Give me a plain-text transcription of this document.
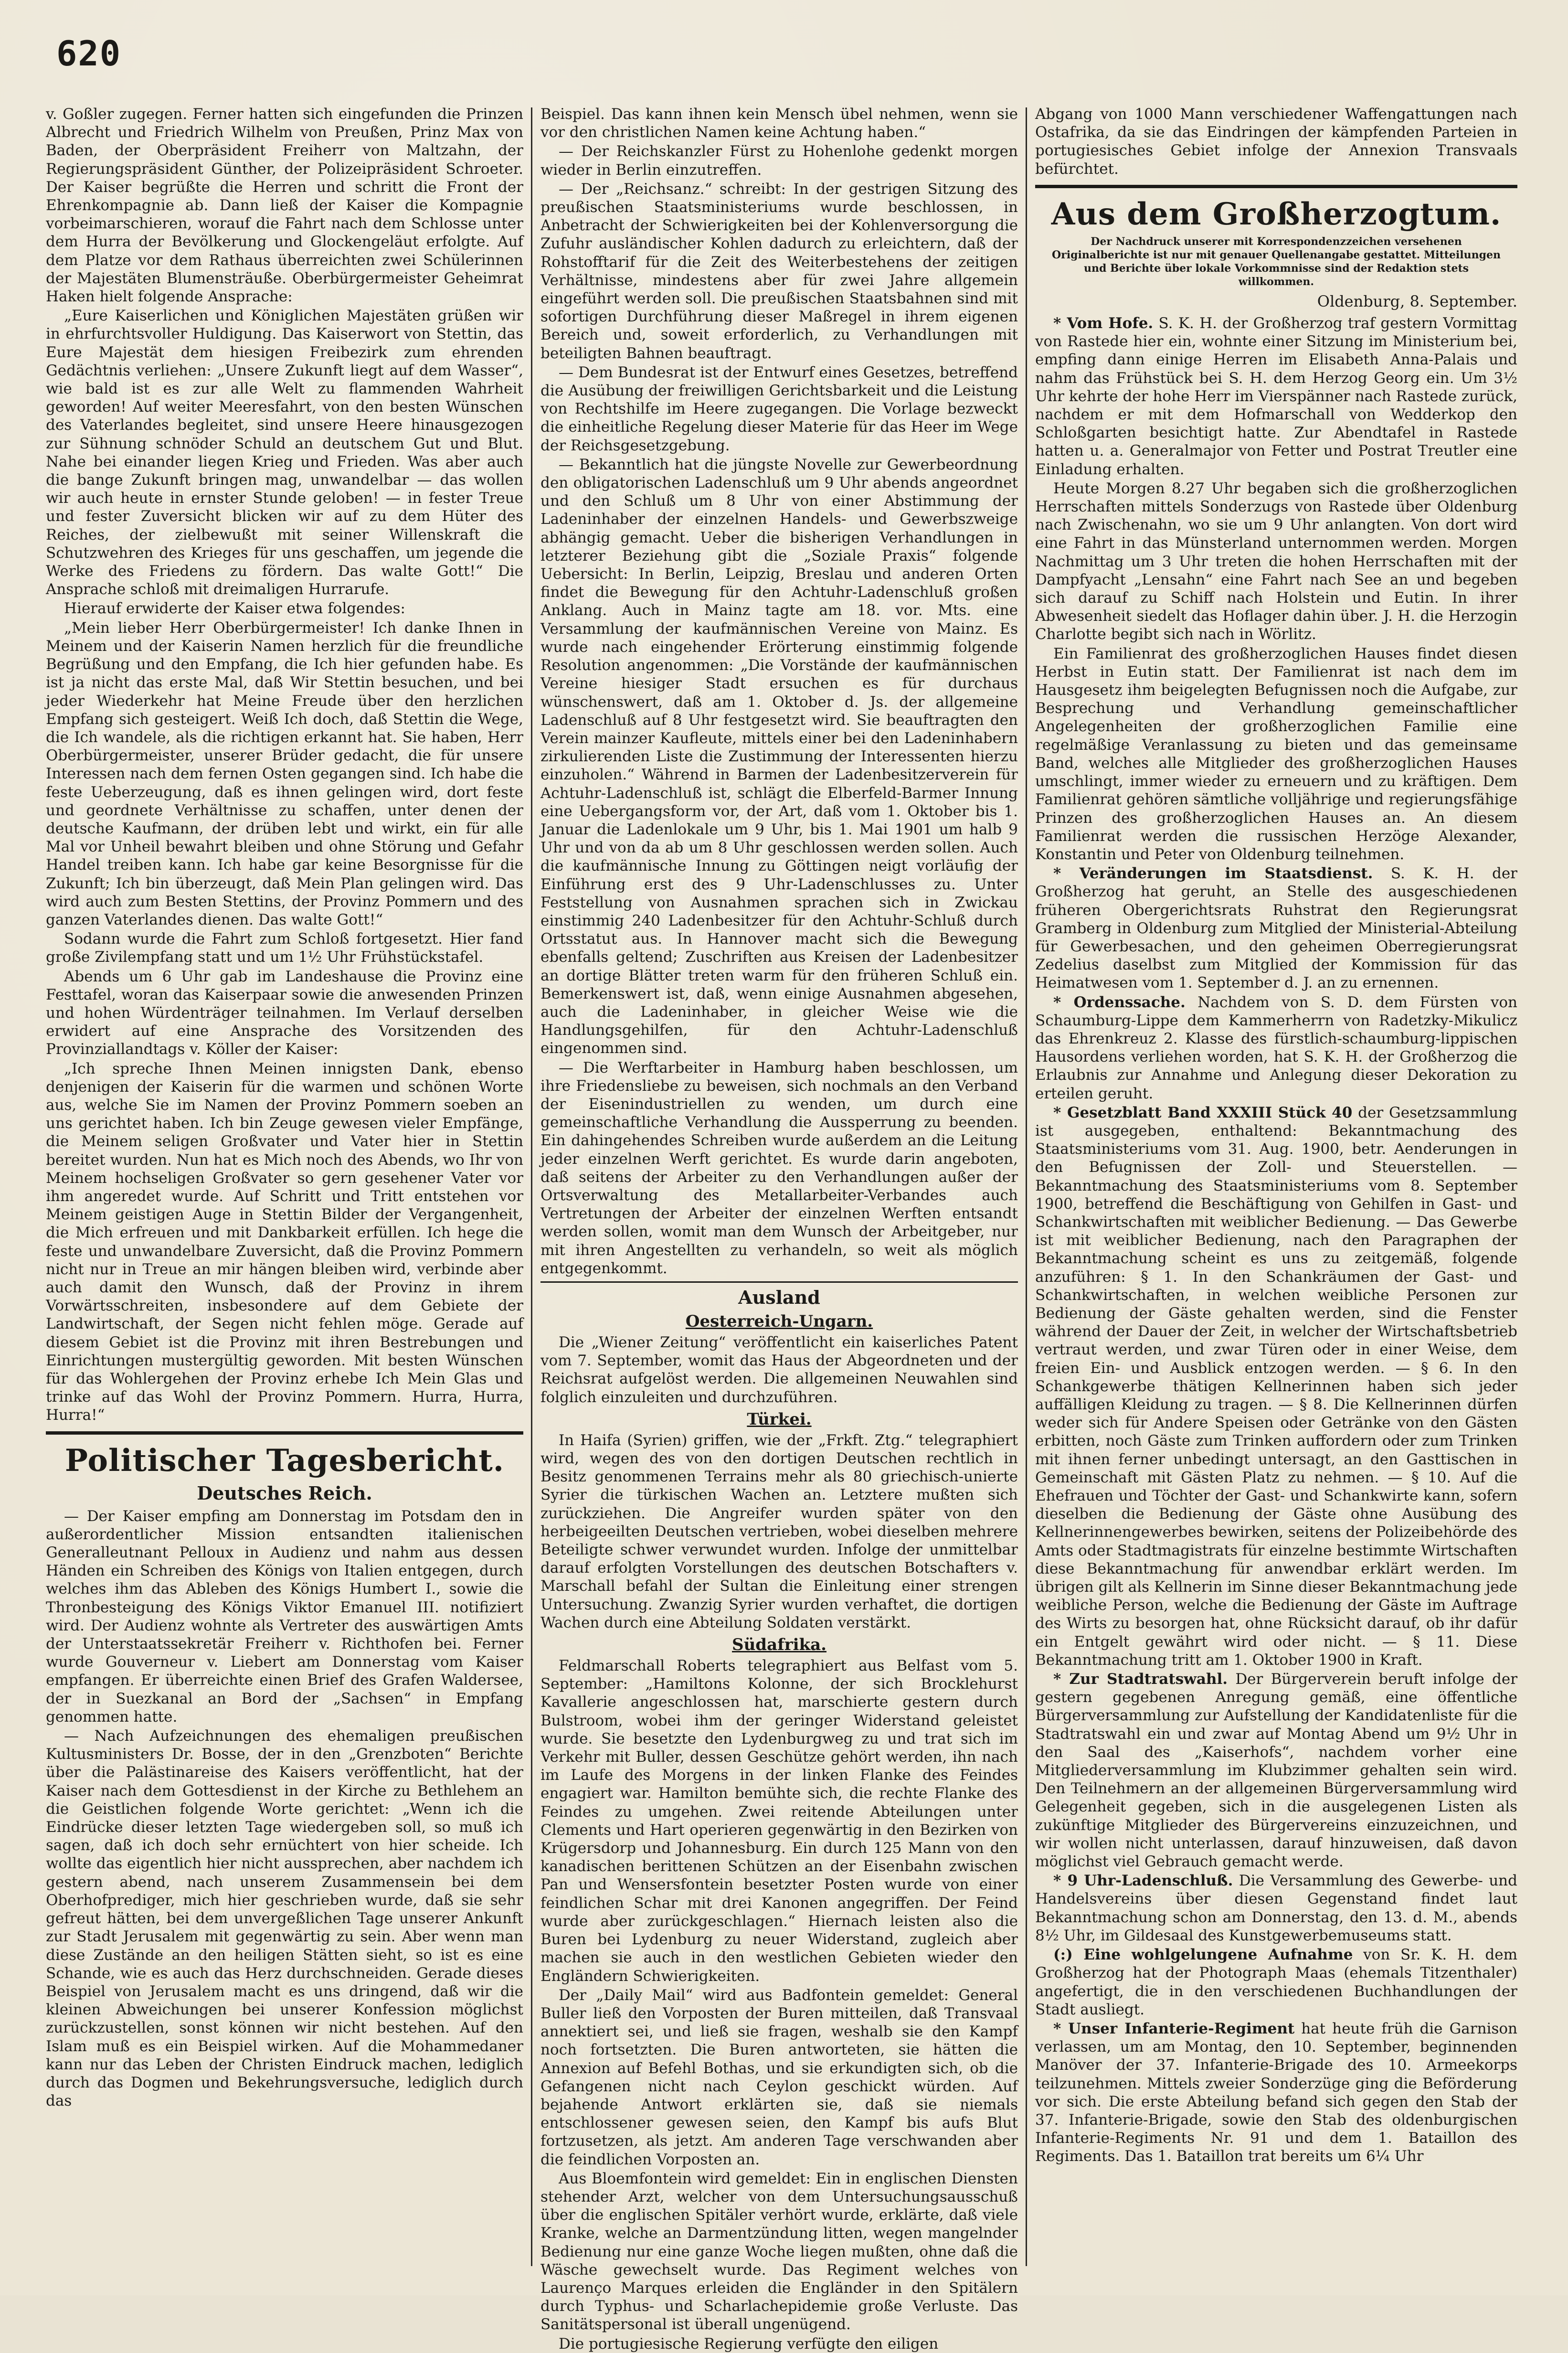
620

v. Goßler zugegen. Ferner hatten sich eingefunden die Prinzen Albrecht und Friedrich Wilhelm von Preußen, Prinz Max von Baden, der Oberpräsident Freiherr von Maltzahn, der Regierungspräsident Günther, der Polizeipräsident Schroeter. Der Kaiser begrüßte die Herren und schritt die Front der Ehrenkompagnie ab. Dann ließ der Kaiser die Kompagnie vorbeimarschieren, worauf die Fahrt nach dem Schlosse unter dem Hurra der Bevölkerung und Glockengeläut erfolgte. Auf dem Platze vor dem Rathaus überreichten zwei Schülerinnen der Majestäten Blumensträuße. Oberbürgermeister Geheimrat Haken hielt folgende Ansprache:

„Eure Kaiserlichen und Königlichen Majestäten grüßen wir in ehrfurchtsvoller Huldigung. Das Kaiserwort von Stettin, das Eure Majestät dem hiesigen Freibezirk zum ehrenden Gedächtnis verliehen: „Unsere Zukunft liegt auf dem Wasser“, wie bald ist es zur alle Welt zu flammenden Wahrheit geworden! Auf weiter Meeresfahrt, von den besten Wünschen des Vaterlandes begleitet, sind unsere Heere hinausgezogen zur Sühnung schnöder Schuld an deutschem Gut und Blut. Nahe bei einander liegen Krieg und Frieden. Was aber auch die bange Zukunft bringen mag, unwandelbar — das wollen wir auch heute in ernster Stunde geloben! — in fester Treue und fester Zuversicht blicken wir auf zu dem Hüter des Reiches, der zielbewußt mit seiner Willenskraft die Schutzwehren des Krieges für uns geschaffen, um jegende die Werke des Friedens zu fördern. Das walte Gott!“ Die Ansprache schloß mit dreimaligen Hurrarufe.

Hierauf erwiderte der Kaiser etwa folgendes:

„Mein lieber Herr Oberbürgermeister! Ich danke Ihnen in Meinem und der Kaiserin Namen herzlich für die freundliche Begrüßung und den Empfang, die Ich hier gefunden habe. Es ist ja nicht das erste Mal, daß Wir Stettin besuchen, und bei jeder Wiederkehr hat Meine Freude über den herzlichen Empfang sich gesteigert. Weiß Ich doch, daß Stettin die Wege, die Ich wandele, als die richtigen erkannt hat. Sie haben, Herr Oberbürgermeister, unserer Brüder gedacht, die für unsere Interessen nach dem fernen Osten gegangen sind. Ich habe die feste Ueberzeugung, daß es ihnen gelingen wird, dort feste und geordnete Verhältnisse zu schaffen, unter denen der deutsche Kaufmann, der drüben lebt und wirkt, ein für alle Mal vor Unheil bewahrt bleiben und ohne Störung und Gefahr Handel treiben kann. Ich habe gar keine Besorgnisse für die Zukunft; Ich bin überzeugt, daß Mein Plan gelingen wird. Das wird auch zum Besten Stettins, der Provinz Pommern und des ganzen Vaterlandes dienen. Das walte Gott!“

Sodann wurde die Fahrt zum Schloß fortgesetzt. Hier fand große Zivilempfang statt und um 1½ Uhr Frühstückstafel.

Abends um 6 Uhr gab im Landeshause die Provinz eine Festtafel, woran das Kaiserpaar sowie die anwesenden Prinzen und hohen Würdenträger teilnahmen. Im Verlauf derselben erwidert auf eine Ansprache des Vorsitzenden des Provinziallandtags v. Köller der Kaiser:

„Ich spreche Ihnen Meinen innigsten Dank, ebenso denjenigen der Kaiserin für die warmen und schönen Worte aus, welche Sie im Namen der Provinz Pommern soeben an uns gerichtet haben. Ich bin Zeuge gewesen vieler Empfänge, die Meinem seligen Großvater und Vater hier in Stettin bereitet wurden. Nun hat es Mich noch des Abends, wo Ihr von Meinem hochseligen Großvater so gern gesehener Vater vor ihm angeredet wurde. Auf Schritt und Tritt entstehen vor Meinem geistigen Auge in Stettin Bilder der Vergangenheit, die Mich erfreuen und mit Dankbarkeit erfüllen. Ich hege die feste und unwandelbare Zuversicht, daß die Provinz Pommern nicht nur in Treue an mir hängen bleiben wird, verbinde aber auch damit den Wunsch, daß der Provinz in ihrem Vorwärtsschreiten, insbesondere auf dem Gebiete der Landwirtschaft, der Segen nicht fehlen möge. Gerade auf diesem Gebiet ist die Provinz mit ihren Bestrebungen und Einrichtungen mustergültig geworden. Mit besten Wünschen für das Wohlergehen der Provinz erhebe Ich Mein Glas und trinke auf das Wohl der Provinz Pommern. Hurra, Hurra, Hurra!“

Politischer Tagesbericht.
Deutsches Reich.

— Der Kaiser empfing am Donnerstag im Potsdam den in außerordentlicher Mission entsandten italienischen Generalleutnant Pelloux in Audienz und nahm aus dessen Händen ein Schreiben des Königs von Italien entgegen, durch welches ihm das Ableben des Königs Humbert I., sowie die Thronbesteigung des Königs Viktor Emanuel III. notifiziert wird. Der Audienz wohnte als Vertreter des auswärtigen Amts der Unterstaatssekretär Freiherr v. Richthofen bei. Ferner wurde Gouverneur v. Liebert am Donnerstag vom Kaiser empfangen. Er überreichte einen Brief des Grafen Waldersee, der in Suezkanal an Bord der „Sachsen“ in Empfang genommen hatte.

— Nach Aufzeichnungen des ehemaligen preußischen Kultusministers Dr. Bosse, der in den „Grenzboten“ Berichte über die Palästinareise des Kaisers veröffentlicht, hat der Kaiser nach dem Gottesdienst in der Kirche zu Bethlehem an die Geistlichen folgende Worte gerichtet: „Wenn ich die Eindrücke dieser letzten Tage wiedergeben soll, so muß ich sagen, daß ich doch sehr ernüchtert von hier scheide. Ich wollte das eigentlich hier nicht aussprechen, aber nachdem ich gestern abend, nach unserem Zusammensein bei dem Oberhofprediger, mich hier geschrieben wurde, daß sie sehr gefreut hätten, bei dem unvergeßlichen Tage unserer Ankunft zur Stadt Jerusalem mit gegenwärtig zu sein. Aber wenn man diese Zustände an den heiligen Stätten sieht, so ist es eine Schande, wie es auch das Herz durchschneiden. Gerade dieses Beispiel von Jerusalem macht es uns dringend, daß wir die kleinen Abweichungen bei unserer Konfession möglichst zurückzustellen, sonst können wir nicht bestehen. Auf den Islam muß es ein Beispiel wirken. Auf die Mohammedaner kann nur das Leben der Christen Eindruck machen, lediglich durch das Dogmen und Bekehrungsversuche, lediglich durch das

Beispiel. Das kann ihnen kein Mensch übel nehmen, wenn sie vor den christlichen Namen keine Achtung haben.“

— Der Reichskanzler Fürst zu Hohenlohe gedenkt morgen wieder in Berlin einzutreffen.

— Der „Reichsanz.“ schreibt: In der gestrigen Sitzung des preußischen Staatsministeriums wurde beschlossen, in Anbetracht der Schwierigkeiten bei der Kohlenversorgung die Zufuhr ausländischer Kohlen dadurch zu erleichtern, daß der Rohstofftarif für die Zeit des Weiterbestehens der zeitigen Verhältnisse, mindestens aber für zwei Jahre allgemein eingeführt werden soll. Die preußischen Staatsbahnen sind mit sofortigen Durchführung dieser Maßregel in ihrem eigenen Bereich und, soweit erforderlich, zu Verhandlungen mit beteiligten Bahnen beauftragt.

— Dem Bundesrat ist der Entwurf eines Gesetzes, betreffend die Ausübung der freiwilligen Gerichtsbarkeit und die Leistung von Rechtshilfe im Heere zugegangen. Die Vorlage bezweckt die einheitliche Regelung dieser Materie für das Heer im Wege der Reichsgesetzgebung.

— Bekanntlich hat die jüngste Novelle zur Gewerbeordnung den obligatorischen Ladenschluß um 9 Uhr abends angeordnet und den Schluß um 8 Uhr von einer Abstimmung der Ladeninhaber der einzelnen Handels- und Gewerbszweige abhängig gemacht. Ueber die bisherigen Verhandlungen in letzterer Beziehung gibt die „Soziale Praxis“ folgende Uebersicht: In Berlin, Leipzig, Breslau und anderen Orten findet die Bewegung für den Achtuhr-Ladenschluß großen Anklang. Auch in Mainz tagte am 18. vor. Mts. eine Versammlung der kaufmännischen Vereine von Mainz. Es wurde nach eingehender Erörterung einstimmig folgende Resolution angenommen: „Die Vorstände der kaufmännischen Vereine hiesiger Stadt ersuchen es für durchaus wünschenswert, daß am 1. Oktober d. Js. der allgemeine Ladenschluß auf 8 Uhr festgesetzt wird. Sie beauftragten den Verein mainzer Kaufleute, mittels einer bei den Ladeninhabern zirkulierenden Liste die Zustimmung der Interessenten hierzu einzuholen.“ Während in Barmen der Ladenbesitzerverein für Achtuhr-Ladenschluß ist, schlägt die Elberfeld-Barmer Innung eine Uebergangsform vor, der Art, daß vom 1. Oktober bis 1. Januar die Ladenlokale um 9 Uhr, bis 1. Mai 1901 um halb 9 Uhr und von da ab um 8 Uhr geschlossen werden sollen. Auch die kaufmännische Innung zu Göttingen neigt vorläufig der Einführung erst des 9 Uhr-Ladenschlusses zu. Unter Feststellung von Ausnahmen sprachen sich in Zwickau einstimmig 240 Ladenbesitzer für den Achtuhr-Schluß durch Ortsstatut aus. In Hannover macht sich die Bewegung ebenfalls geltend; Zuschriften aus Kreisen der Ladenbesitzer an dortige Blätter treten warm für den früheren Schluß ein. Bemerkenswert ist, daß, wenn einige Ausnahmen abgesehen, auch die Ladeninhaber, in gleicher Weise wie die Handlungsgehilfen, für den Achtuhr-Ladenschluß eingenommen sind.

— Die Werftarbeiter in Hamburg haben beschlossen, um ihre Friedensliebe zu beweisen, sich nochmals an den Verband der Eisenindustriellen zu wenden, um durch eine gemeinschaftliche Verhandlung die Aussperrung zu beenden. Ein dahingehendes Schreiben wurde außerdem an die Leitung jeder einzelnen Werft gerichtet. Es wurde darin angeboten, daß seitens der Arbeiter zu den Verhandlungen außer der Ortsverwaltung des Metallarbeiter-Verbandes auch Vertretungen der Arbeiter der einzelnen Werften entsandt werden sollen, womit man dem Wunsch der Arbeitgeber, nur mit ihren Angestellten zu verhandeln, so weit als möglich entgegenkommt.

Ausland
Oesterreich-Ungarn.

Die „Wiener Zeitung“ veröffentlicht ein kaiserliches Patent vom 7. September, womit das Haus der Abgeordneten und der Reichsrat aufgelöst werden. Die allgemeinen Neuwahlen sind folglich einzuleiten und durchzuführen.

Türkei.

In Haifa (Syrien) griffen, wie der „Frkft. Ztg.“ telegraphiert wird, wegen des von den dortigen Deutschen rechtlich in Besitz genommenen Terrains mehr als 80 griechisch-unierte Syrier die türkischen Wachen an. Letztere mußten sich zurückziehen. Die Angreifer wurden später von den herbeigeeilten Deutschen vertrieben, wobei dieselben mehrere Beteiligte schwer verwundet wurden. Infolge der unmittelbar darauf erfolgten Vorstellungen des deutschen Botschafters v. Marschall befahl der Sultan die Einleitung einer strengen Untersuchung. Zwanzig Syrier wurden verhaftet, die dortigen Wachen durch eine Abteilung Soldaten verstärkt.

Südafrika.

Feldmarschall Roberts telegraphiert aus Belfast vom 5. September: „Hamiltons Kolonne, der sich Brocklehurst Kavallerie angeschlossen hat, marschierte gestern durch Bulstroom, wobei ihm der geringer Widerstand geleistet wurde. Sie besetzte den Lydenburgweg zu und trat sich im Verkehr mit Buller, dessen Geschütze gehört werden, ihn nach im Laufe des Morgens in der linken Flanke des Feindes engagiert war. Hamilton bemühte sich, die rechte Flanke des Feindes zu umgehen. Zwei reitende Abteilungen unter Clements und Hart operieren gegenwärtig in den Bezirken von Krügersdorp und Johannesburg. Ein durch 125 Mann von den kanadischen berittenen Schützen an der Eisenbahn zwischen Pan und Wensersfontein besetzter Posten wurde von einer feindlichen Schar mit drei Kanonen angegriffen. Der Feind wurde aber zurückgeschlagen.“ Hiernach leisten also die Buren bei Lydenburg zu neuer Widerstand, zugleich aber machen sie auch in den westlichen Gebieten wieder den Engländern Schwierigkeiten.

Der „Daily Mail“ wird aus Badfontein gemeldet: General Buller ließ den Vorposten der Buren mitteilen, daß Transvaal annektiert sei, und ließ sie fragen, weshalb sie den Kampf noch fortsetzten. Die Buren antworteten, sie hätten die Annexion auf Befehl Bothas, und sie erkundigten sich, ob die Gefangenen nicht nach Ceylon geschickt würden. Auf bejahende Antwort erklärten sie, daß sie niemals entschlossener gewesen seien, den Kampf bis aufs Blut fortzusetzen, als jetzt. Am anderen Tage verschwanden aber die feindlichen Vorposten an.

Aus Bloemfontein wird gemeldet: Ein in englischen Diensten stehender Arzt, welcher von dem Untersuchungsausschuß über die englischen Spitäler verhört wurde, erklärte, daß viele Kranke, welche an Darmentzündung litten, wegen mangelnder Bedienung nur eine ganze Woche liegen mußten, ohne daß die Wäsche gewechselt wurde. Das Regiment welches von Laurenço Marques erleiden die Engländer in den Spitälern durch Typhus- und Scharlachepidemie große Verluste. Das Sanitätspersonal ist überall ungenügend.

Die portugiesische Regierung verfügte den eiligen

Abgang von 1000 Mann verschiedener Waffengattungen nach Ostafrika, da sie das Eindringen der kämpfenden Parteien in portugiesisches Gebiet infolge der Annexion Transvaals befürchtet.

Aus dem Großherzogtum.
Der Nachdruck unserer mit Korrespondenzzeichen versehenen Originalberichte ist nur mit genauer Quellenangabe gestattet. Mitteilungen und Berichte über lokale Vorkommnisse sind der Redaktion stets willkommen.
Oldenburg, 8. September.

* Vom Hofe. S. K. H. der Großherzog traf gestern Vormittag von Rastede hier ein, wohnte einer Sitzung im Ministerium bei, empfing dann einige Herren im Elisabeth Anna-Palais und nahm das Frühstück bei S. H. dem Herzog Georg ein. Um 3½ Uhr kehrte der hohe Herr im Vierspänner nach Rastede zurück, nachdem er mit dem Hofmarschall von Wedderkop den Schloßgarten besichtigt hatte. Zur Abendtafel in Rastede hatten u. a. Generalmajor von Fetter und Postrat Treutler eine Einladung erhalten.

Heute Morgen 8.27 Uhr begaben sich die großherzoglichen Herrschaften mittels Sonderzugs von Rastede über Oldenburg nach Zwischenahn, wo sie um 9 Uhr anlangten. Von dort wird eine Fahrt in das Münsterland unternommen werden. Morgen Nachmittag um 3 Uhr treten die hohen Herrschaften mit der Dampfyacht „Lensahn“ eine Fahrt nach See an und begeben sich darauf zu Schiff nach Holstein und Eutin. In ihrer Abwesenheit siedelt das Hoflager dahin über. J. H. die Herzogin Charlotte begibt sich nach in Wörlitz.

Ein Familienrat des großherzoglichen Hauses findet diesen Herbst in Eutin statt. Der Familienrat ist nach dem im Hausgesetz ihm beigelegten Befugnissen noch die Aufgabe, zur Besprechung und Verhandlung gemeinschaftlicher Angelegenheiten der großherzoglichen Familie eine regelmäßige Veranlassung zu bieten und das gemeinsame Band, welches alle Mitglieder des großherzoglichen Hauses umschlingt, immer wieder zu erneuern und zu kräftigen. Dem Familienrat gehören sämtliche volljährige und regierungsfähige Prinzen des großherzoglichen Hauses an. An diesem Familienrat werden die russischen Herzöge Alexander, Konstantin und Peter von Oldenburg teilnehmen.

* Veränderungen im Staatsdienst. S. K. H. der Großherzog hat geruht, an Stelle des ausgeschiedenen früheren Obergerichtsrats Ruhstrat den Regierungsrat Gramberg in Oldenburg zum Mitglied der Ministerial-Abteilung für Gewerbesachen, und den geheimen Oberregierungsrat Zedelius daselbst zum Mitglied der Kommission für das Heimatwesen vom 1. September d. J. an zu ernennen.

* Ordenssache. Nachdem von S. D. dem Fürsten von Schaumburg-Lippe dem Kammerherrn von Radetzky-Mikulicz das Ehrenkreuz 2. Klasse des fürstlich-schaumburg-lippischen Hausordens verliehen worden, hat S. K. H. der Großherzog die Erlaubnis zur Annahme und Anlegung dieser Dekoration zu erteilen geruht.

* Gesetzblatt Band XXXIII Stück 40 der Gesetzsammlung ist ausgegeben, enthaltend: Bekanntmachung des Staatsministeriums vom 31. Aug. 1900, betr. Aenderungen in den Befugnissen der Zoll- und Steuerstellen. — Bekanntmachung des Staatsministeriums vom 8. September 1900, betreffend die Beschäftigung von Gehilfen in Gast- und Schankwirtschaften mit weiblicher Bedienung. — Das Gewerbe ist mit weiblicher Bedienung, nach den Paragraphen der Bekanntmachung scheint es uns zu zeitgemäß, folgende anzuführen: § 1. In den Schankräumen der Gast- und Schankwirtschaften, in welchen weibliche Personen zur Bedienung der Gäste gehalten werden, sind die Fenster während der Dauer der Zeit, in welcher der Wirtschaftsbetrieb vertraut werden, und zwar Türen oder in einer Weise, dem freien Ein- und Ausblick entzogen werden. — § 6. In den Schankgewerbe thätigen Kellnerinnen haben sich jeder auffälligen Kleidung zu tragen. — § 8. Die Kellnerinnen dürfen weder sich für Andere Speisen oder Getränke von den Gästen erbitten, noch Gäste zum Trinken auffordern oder zum Trinken mit ihnen ferner unbedingt untersagt, an den Gasttischen in Gemeinschaft mit Gästen Platz zu nehmen. — § 10. Auf die Ehefrauen und Töchter der Gast- und Schankwirte kann, sofern dieselben die Bedienung der Gäste ohne Ausübung des Kellnerinnengewerbes bewirken, seitens der Polizeibehörde des Amts oder Stadtmagistrats für einzelne bestimmte Wirtschaften diese Bekanntmachung für anwendbar erklärt werden. Im übrigen gilt als Kellnerin im Sinne dieser Bekanntmachung jede weibliche Person, welche die Bedienung der Gäste im Auftrage des Wirts zu besorgen hat, ohne Rücksicht darauf, ob ihr dafür ein Entgelt gewährt wird oder nicht. — § 11. Diese Bekanntmachung tritt am 1. Oktober 1900 in Kraft.

* Zur Stadtratswahl. Der Bürgerverein beruft infolge der gestern gegebenen Anregung gemäß, eine öffentliche Bürgerversammlung zur Aufstellung der Kandidatenliste für die Stadtratswahl ein und zwar auf Montag Abend um 9½ Uhr in den Saal des „Kaiserhofs“, nachdem vorher eine Mitgliederversammlung im Klubzimmer gehalten sein wird. Den Teilnehmern an der allgemeinen Bürgerversammlung wird Gelegenheit gegeben, sich in die ausgelegenen Listen als zukünftige Mitglieder des Bürgervereins einzuzeichnen, und wir wollen nicht unterlassen, darauf hinzuweisen, daß davon möglichst viel Gebrauch gemacht werde.

* 9 Uhr-Ladenschluß. Die Versammlung des Gewerbe- und Handelsvereins über diesen Gegenstand findet laut Bekanntmachung schon am Donnerstag, den 13. d. M., abends 8½ Uhr, im Gildesaal des Kunstgewerbemuseums statt.

(:) Eine wohlgelungene Aufnahme von Sr. K. H. dem Großherzog hat der Photograph Maas (ehemals Titzenthaler) angefertigt, die in den verschiedenen Buchhandlungen der Stadt ausliegt.

* Unser Infanterie-Regiment hat heute früh die Garnison verlassen, um am Montag, den 10. September, beginnenden Manöver der 37. Infanterie-Brigade des 10. Armeekorps teilzunehmen. Mittels zweier Sonderzüge ging die Beförderung vor sich. Die erste Abteilung befand sich gegen den Stab der 37. Infanterie-Brigade, sowie den Stab des oldenburgischen Infanterie-Regiments Nr. 91 und dem 1. Bataillon des Regiments. Das 1. Bataillon trat bereits um 6¼ Uhr
